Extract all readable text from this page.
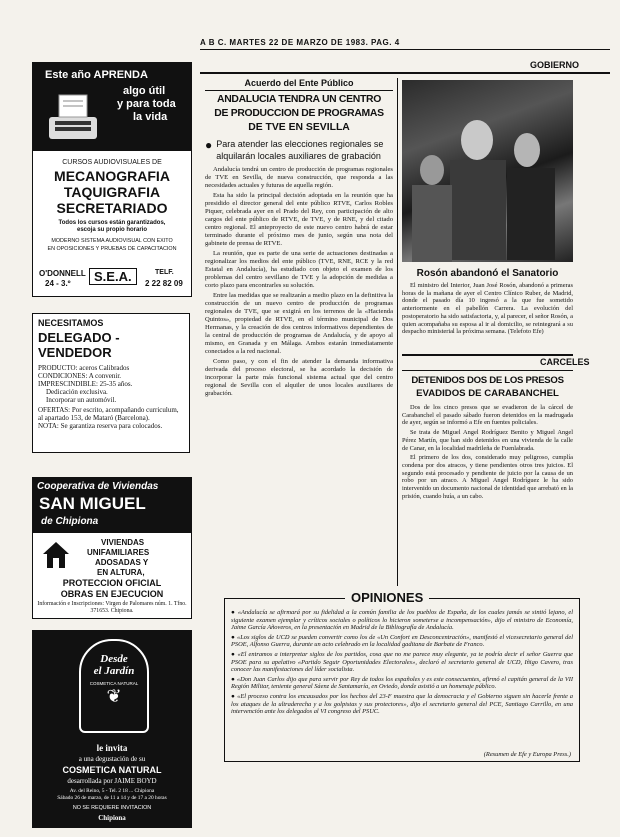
A B C. MARTES 22 DE MARZO DE 1983. PAG. 4
Este año APRENDA
algo útil
y para toda
la vida
CURSOS AUDIOVISUALES DE
MECANOGRAFIA
TAQUIGRAFIA
SECRETARIADO
Todos los cursos están garantizados,
escoja su propio horario
MODERNO SISTEMA AUDIOVISUAL CON EXITO
EN OPOSICIONES Y PRUEBAS DE CAPACITACION
O'DONNELL
24 - 3.º	S.E.A.	TELF.
2 22 82 09
NECESITAMOS
DELEGADO - VENDEDOR
PRODUCTO: aceros Calibrados
CONDICIONES: A convenir.
IMPRESCINDIBLE: 25-35 años.
Dedicación exclusiva.
Incorporar un automóvil.
OFERTAS: Por escrito, acompañando curriculum, al apartado 153, de Mataró (Barcelona).
NOTA: Se garantiza reserva para colocados.
Cooperativa de Viviendas
SAN MIGUEL
de Chipiona
VIVIENDAS
UNIFAMILIARES
ADOSADAS Y
EN ALTURA,
PROTECCION OFICIAL
OBRAS EN EJECUCION
Información e Inscripciones: Virgen de Palomares núm. 1. Tfno. 371653. Chipiona.
Desde
el Jardín
COSMETICA NATURAL
❦
le invita
a una degustación de su
COSMETICA NATURAL
desarrollada por JAIME BOYD
Av. del Reino, 5 - Tel. 2 18 ... Chipiona
Sábado 26 de marzo, de 11 a 14 y de 17 a 20 horas
NO SE REQUIERE INVITACION
Chipiona
GOBIERNO
Acuerdo del Ente Público
ANDALUCIA TENDRA UN CENTRO
DE PRODUCCION DE PROGRAMAS
DE TVE EN SEVILLA
● Para atender las elecciones regionales se alquilarán locales auxiliares de grabación

Andalucía tendrá un centro de producción de programas regionales de TVE en Sevilla, de nueva construcción, que responda a las necesidades actuales y futuras de aquella región.

Esta ha sido la principal decisión adoptada en la reunión que ha presidido el director general del ente público RTVE, Carlos Robles Piquer, celebrada ayer en el Prado del Rey, con participación de alto cargos del ente público de RTVE, de TVE, y de RNE, y del citado centro regional. El anteproyecto de este nuevo centro habrá de estar terminado durante el próximo mes de junio, según una nota del gabinete de prensa de RTVE.

La reunión, que es parte de una serie de actuaciones destinadas a regionalizar los medios del ente público (TVE, RNE, RCE y la red Estatal en Andalucía), ha estudiado con objeto el examen de los problemas del centro sevillano de TVE y la adopción de medidas a corto plazo para encontrarles su solución.

Entre las medidas que se realizarán a medio plazo en la definitiva la construcción de un nuevo centro de producción de programas regionales de TVE, que se exigirá en los terrenos de la «Hacienda Quintos», propiedad de RTVE, en el término municipal de Dos Hermanas, y la creación de dos centros informativos dependientes de la central de producción de programas de Andalucía, y de apoyo al mismo, en Granada y en Málaga. Ambos estarán inmediatamente conectados a la red nacional.

Como paso, y con el fin de atender la demanda informativa derivada del proceso electoral, se ha acordado la decisión de incorporar la parte más funcional sistema actual que del centro regional de Sevilla con el alquiler de unos locales auxiliares de grabación.

Rosón abandonó el Sanatorio
El ministro del Interior, Juan José Rosón, abandonó a primeras horas de la mañana de ayer el Centro Clínico Ruber, de Madrid, donde el pasado día 10 ingresó a la que fue sometido anteriormente en el pabellón Carrera. La evolución del postoperatorio ha sido satisfactoria, y, al parecer, el señor Rosón, a quien acompañaba su esposa al ir al domicilio, se reintegrará a su despacho ministerial la próxima semana. (Telefoto Efe)
CARCELES
DETENIDOS DOS DE LOS PRESOS
EVADIDOS DE CARABANCHEL

Dos de los cinco presos que se evadieron de la cárcel de Carabanchel el pasado sábado fueron detenidos en la madrugada de ayer, según se informó a Efe en fuentes policiales.

Se trata de Miguel Angel Rodríguez Benito y Miguel Angel Pérez Martín, que han sido detenidos en una vivienda de la calle de Canar, en la localidad madrileña de Fuenlabrada.

El primero de los dos, considerado muy peligroso, cumplía condena por dos atracos, y tiene pendientes otros tres juicios. El segundo está procesado y pendiente de juicio por la causa de un robo por un atraco. A Miguel Angel Rodríguez le ha sido intervenido un documento nacional de identidad que arrebató en la prisión, cuando huía, a un cabo.

OPINIONES

● «Andalucía se afirmará por su fidelidad a la común familia de los pueblos de España, de los cuales jamás se sintió lejano, el siguiente examen ejemplar y críticos sociales o políticos lo hicieron someterse a incompensación», dijo el ministro de Economía, Jaime García Añoveros, en la presentación en Madrid de la Bibliografía de Andalucía.

● «Los siglos de UCD se pueden convertir como los de «Un Confort en Desconcentración», manifestó el vicesecretario general del PSOE, Alfonso Guerra, durante un acto celebrado en la localidad gaditana de Barbate de Franco.

● «El entramos a interpretar siglos de los partidos, cosa que no me parece muy elegante, ya te podría decir el señor Guerra que PSOE para su apelativo «Partido Seguir Oportunidades Electorales», declaró el secretario general de UCD, Iñigo Cavero, tras conocer las manifestaciones del líder socialista.

● «Don Juan Carlos dijo que para servir por Rey de todos los españoles y es este consecuentes, afirmó el capitán general de la VII Región Militar, teniente general Sáenz de Santamaría, en Oviedo, donde asistió a un homenaje público.

● «El proceso contra los encausados por los hechos del 23-F muestra que la democracia y el Gobierno siguen sin hacerle frente a los ataques de la ultraderecha y a los golpistas y sus protectores», dijo el secretario general del PCE, Santiago Carrillo, en una intervención ante los delegados al VI congreso del PSUC.

(Resumen de Efe y Europa Press.)
